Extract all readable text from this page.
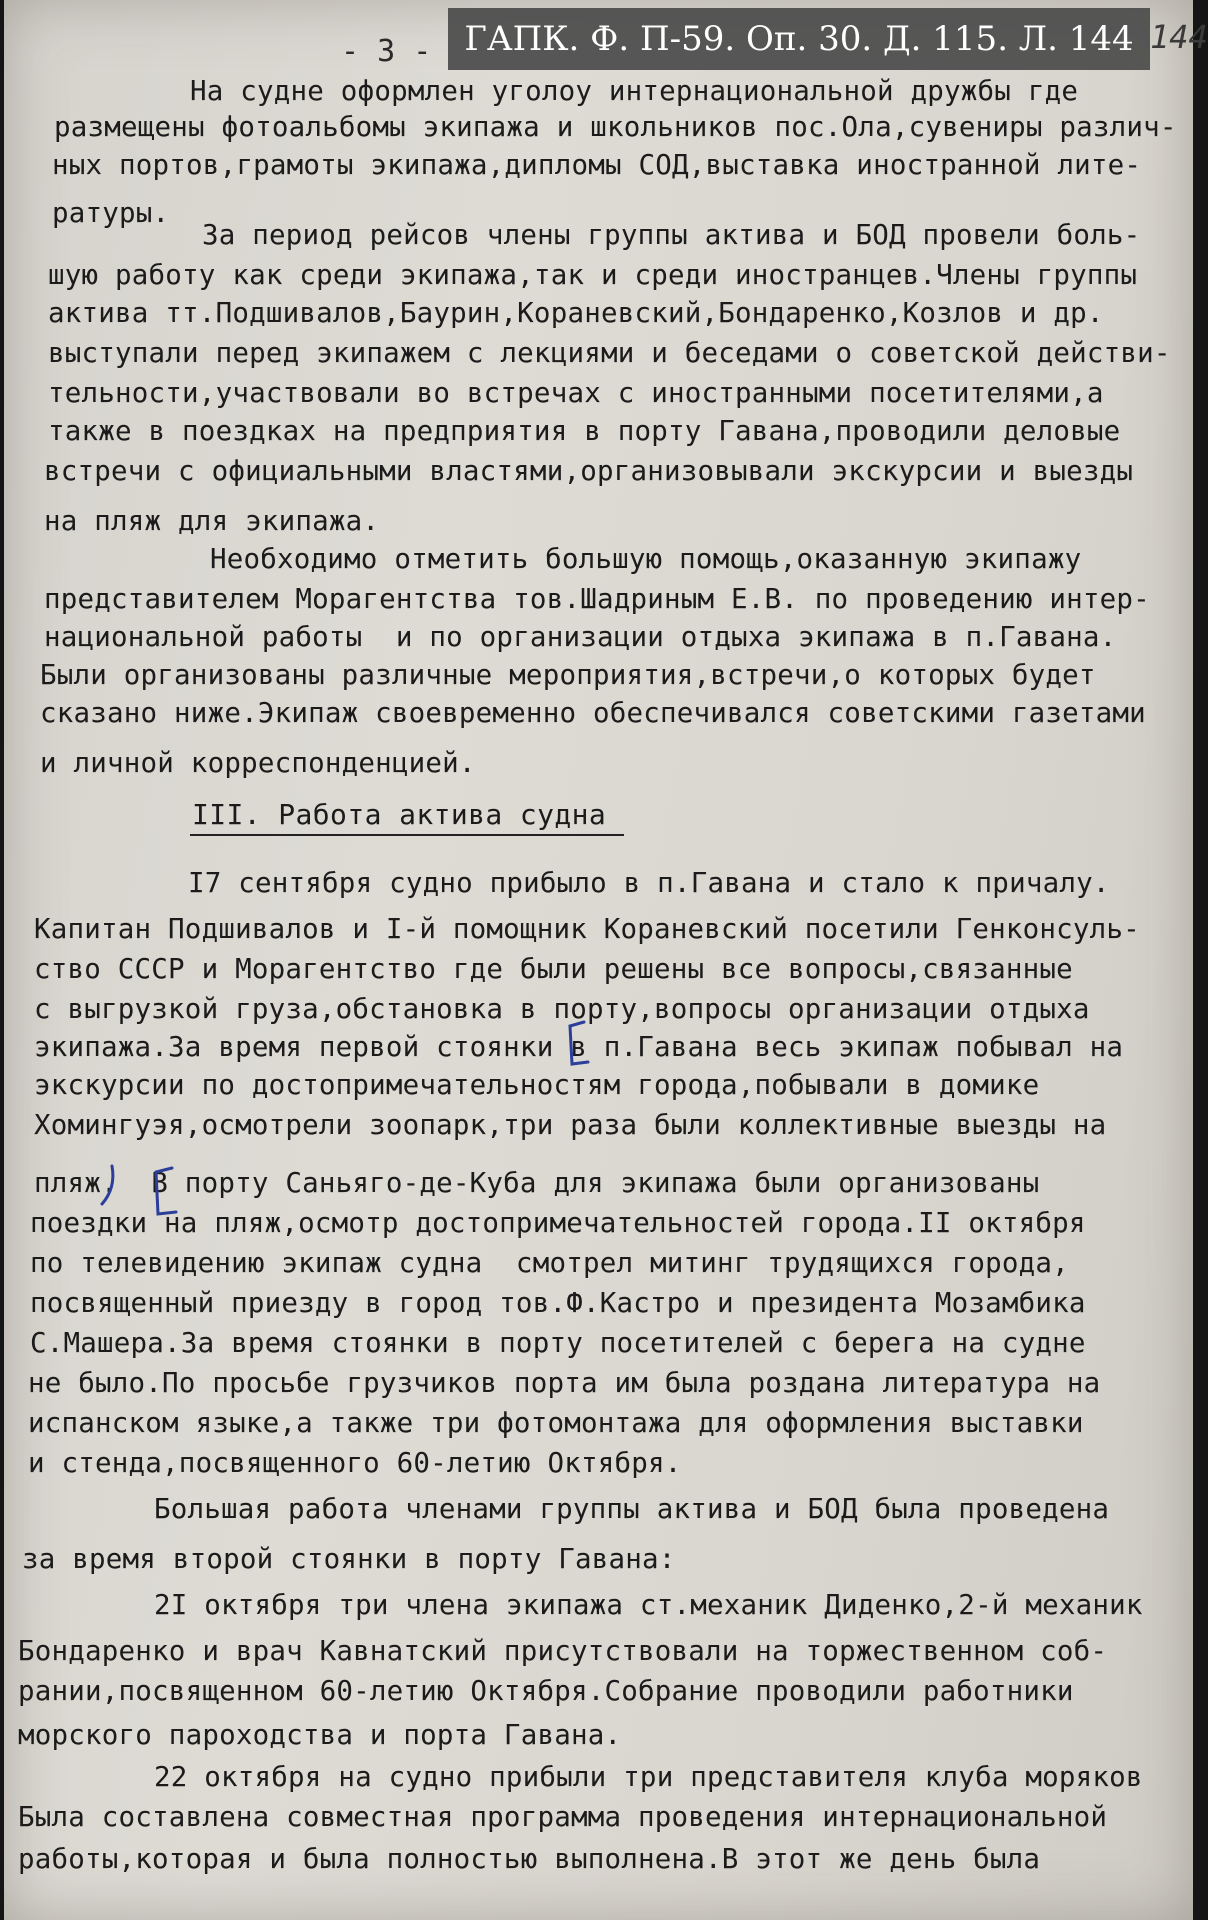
- 3 -	144
На судне оформлен уголоу интернациональной дружбы где
размещены фотоальбомы экипажа и школьников пос.Ола,сувениры различ-
ных портов,грамоты экипажа,дипломы СОД,выставка иностранной лите-
ратуры.
За период рейсов члены группы актива и БОД провели боль-
шую работу как среди экипажа,так и среди иностранцев.Члены группы
актива тт.Подшивалов,Баурин,Кораневский,Бондаренко,Козлов и др.
выступали перед экипажем с лекциями и беседами о советской действи-
тельности,участвовали во встречах с иностранными посетителями,а
также в поездках на предприятия в порту Гавана,проводили деловые
встречи с официальными властями,организовывали экскурсии и выезды
на пляж для экипажа.
Необходимо отметить большую помощь,оказанную экипажу
представителем Морагентства тов.Шадриным Е.В. по проведению интер-
национальной работы  и по организации отдыха экипажа в п.Гавана.
Были организованы различные мероприятия,встречи,о которых будет
сказано ниже.Экипаж своевременно обеспечивался советскими газетами
и личной корреспонденцией.
I7 сентября судно прибыло в п.Гавана и стало к причалу.
Капитан Подшивалов и I-й помощник Кораневский посетили Генконсуль-
ство СССР и Морагентство где были решены все вопросы,связанные
с выгрузкой груза,обстановка в порту,вопросы организации отдыха
экипажа.За время первой стоянки в п.Гавана весь экипаж побывал на
экскурсии по достопримечательностям города,побывали в домике
Хомингуэя,осмотрели зоопарк,три раза были коллективные выезды на
пляж.  В порту Саньяго-де-Куба для экипажа были организованы
поездки на пляж,осмотр достопримечательностей города.II октября
по телевидению экипаж судна  смотрел митинг трудящихся города,
посвященный приезду в город тов.Ф.Кастро и президента Мозамбика
С.Машера.За время стоянки в порту посетителей с берега на судне
не было.По просьбе грузчиков порта им была роздана литература на
испанском языке,а также три фотомонтажа для оформления выставки
и стенда,посвященного 60-летию Октября.
Большая работа членами группы актива и БОД была проведена
за время второй стоянки в порту Гавана:
2I октября три члена экипажа ст.механик Диденко,2-й механик
Бондаренко и врач Кавнатский присутствовали на торжественном соб-
рании,посвященном 60-летию Октября.Собрание проводили работники
морского пароходства и порта Гавана.
22 октября на судно прибыли три представителя клуба моряков
Была составлена совместная программа проведения интернациональной
работы,которая и была полностью выполнена.В этот же день была
III. Работа актива судна
ГАПК. Ф. П-59. Оп. 30. Д. 115. Л. 144
